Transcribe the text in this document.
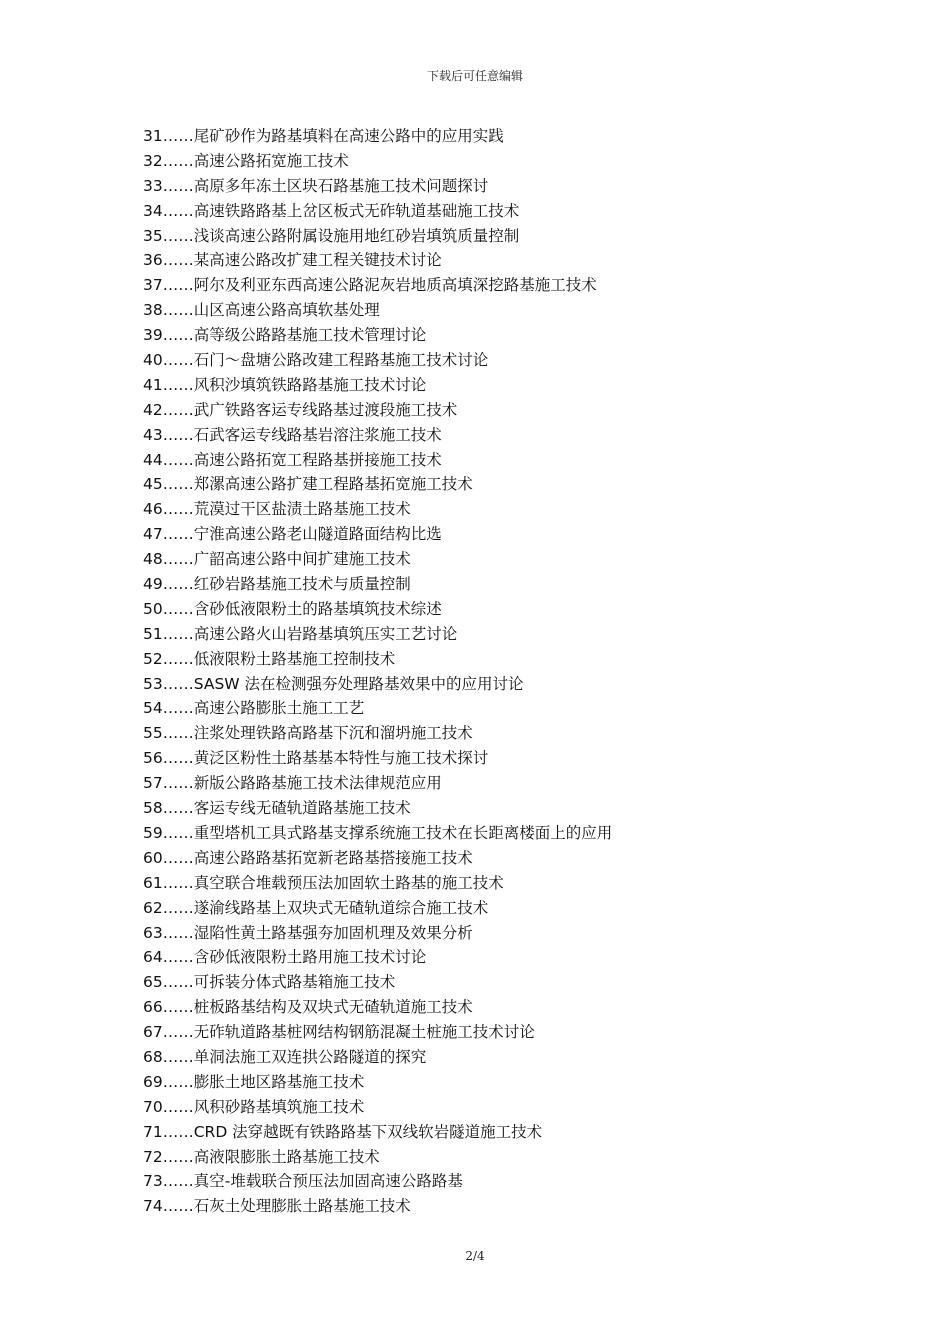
下载后可任意编辑
31……尾矿砂作为路基填料在高速公路中的应用实践
32……高速公路拓宽施工技术
33……高原多年冻土区块石路基施工技术问题探讨
34……高速铁路路基上岔区板式无砟轨道基础施工技术
35……浅谈高速公路附属设施用地红砂岩填筑质量控制
36……某高速公路改扩建工程关键技术讨论
37……阿尔及利亚东西高速公路泥灰岩地质高填深挖路基施工技术
38……山区高速公路高填软基处理
39……高等级公路路基施工技术管理讨论
40……石门～盘塘公路改建工程路基施工技术讨论
41……风积沙填筑铁路路基施工技术讨论
42……武广铁路客运专线路基过渡段施工技术
43……石武客运专线路基岩溶注浆施工技术
44……高速公路拓宽工程路基拼接施工技术
45……郑漯高速公路扩建工程路基拓宽施工技术
46……荒漠过干区盐渍土路基施工技术
47……宁淮高速公路老山隧道路面结构比选
48……广韶高速公路中间扩建施工技术
49……红砂岩路基施工技术与质量控制
50……含砂低液限粉土的路基填筑技术综述
51……高速公路火山岩路基填筑压实工艺讨论
52……低液限粉土路基施工控制技术
53……SASW 法在检测强夯处理路基效果中的应用讨论
54……高速公路膨胀土施工工艺
55……注浆处理铁路高路基下沉和溜坍施工技术
56……黄泛区粉性土路基基本特性与施工技术探讨
57……新版公路路基施工技术法律规范应用
58……客运专线无碴轨道路基施工技术
59……重型塔机工具式路基支撑系统施工技术在长距离楼面上的应用
60……高速公路路基拓宽新老路基搭接施工技术
61……真空联合堆载预压法加固软土路基的施工技术
62……遂渝线路基上双块式无碴轨道综合施工技术
63……湿陷性黄土路基强夯加固机理及效果分析
64……含砂低液限粉土路用施工技术讨论
65……可拆装分体式路基箱施工技术
66……桩板路基结构及双块式无碴轨道施工技术
67……无砟轨道路基桩网结构钢筋混凝土桩施工技术讨论
68……单洞法施工双连拱公路隧道的探究
69……膨胀土地区路基施工技术
70……风积砂路基填筑施工技术
71……CRD 法穿越既有铁路路基下双线软岩隧道施工技术
72……高液限膨胀土路基施工技术
73……真空-堆载联合预压法加固高速公路路基
74……石灰土处理膨胀土路基施工技术
2/4
